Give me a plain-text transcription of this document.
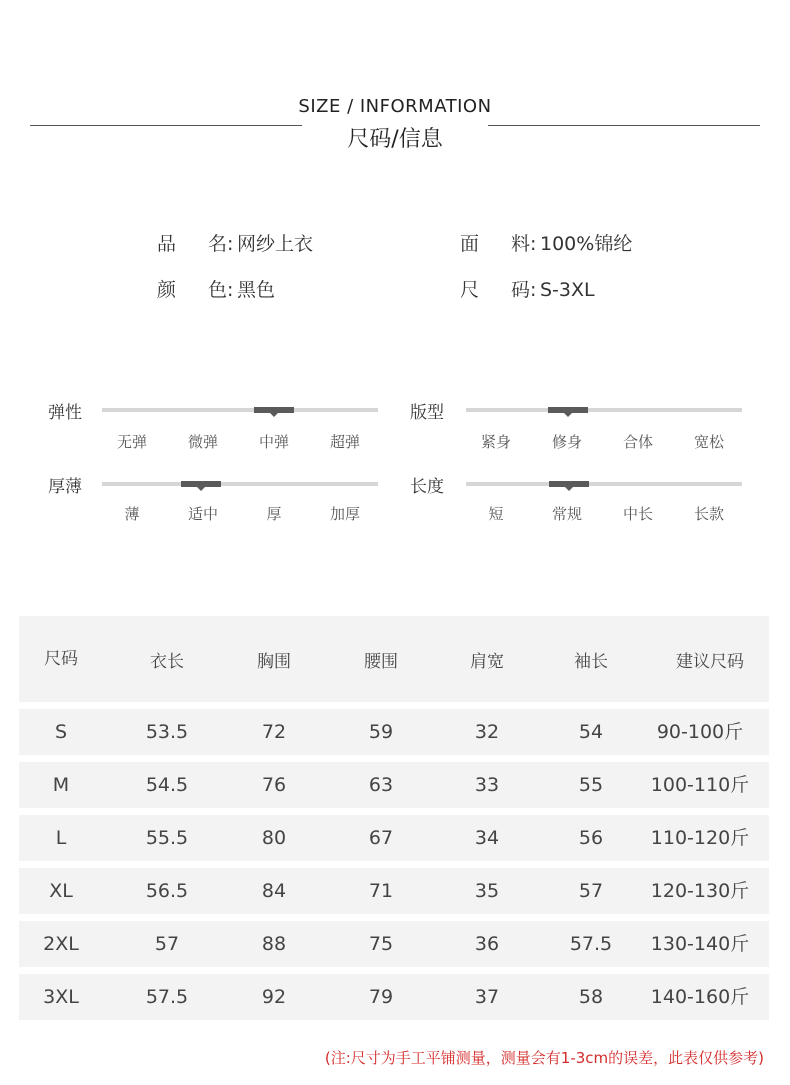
SIZE / INFORMATION
尺码/信息
品名: 网纱上衣	面料: 100%锦纶
颜色: 黑色	尺码: S-3XL
弹性
无弹	微弹	中弹	超弹
版型
紧身	修身	合体	宽松
厚薄
薄	适中	厚	加厚
长度
短	常规	中长	长款
尺码	衣长	胸围	腰围	肩宽	袖长	建议尺码
S	53.5	72	59	32	54	90-100斤
M	54.5	76	63	33	55	100-110斤
L	55.5	80	67	34	56	110-120斤
XL	56.5	84	71	35	57	120-130斤
2XL	57	88	75	36	57.5	130-140斤
3XL	57.5	92	79	37	58	140-160斤
(注:尺寸为手工平铺测量，测量会有1-3cm的误差，此表仅供参考)
